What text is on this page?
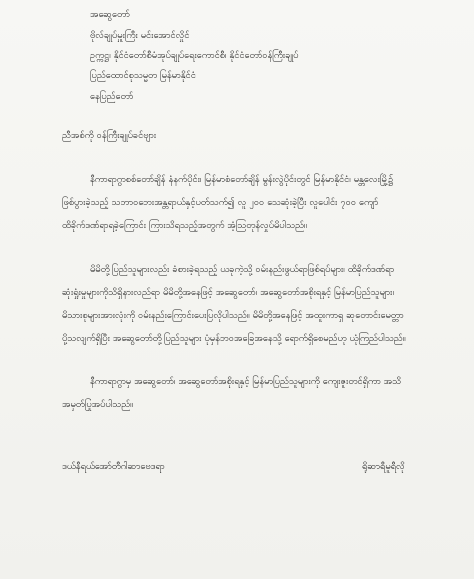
အဆွေတော်
ဗိုလ်ချုပ်မှူးကြီး မင်းအောင်လှိုင်
ဥက္ကဋ္ဌ၊ နိုင်ငံတော်စီမံအုပ်ချုပ်ရေးကောင်စီ၊ နိုင်ငံတော်ဝန်ကြီးချုပ်
ပြည်ထောင်စုသမ္မတ မြန်မာနိုင်ငံ
နေပြည်တော်
ညီအစ်ကို ဝန်ကြီးချုပ်ခင်ဗျား
နီကာရာဂွာစစ်တော်ချိန် နံနက်ပိုင်း၊ မြန်မာစံတော်ချိန် မွန်းလွဲပိုင်းတွင် မြန်မာနိုင်ငံ၊ မန္တလေးမြို့၌
ဖြစ်ပွားခဲ့သည့် သဘာဝဘေးအန္တရာယ်နှင့်ပတ်သက်၍ လူ ၂၀၀ သေဆုံးခဲ့ပြီး လူပေါင်း ၇၀၀ ကျော်
ထိခိုက်ဒဏ်ရာရခဲ့ကြောင်း ကြားသိရသည့်အတွက် အံ့သြတုန်လှုပ်မိပါသည်။
မိမိတို့ပြည်သူများလည်း ခံစားခဲ့ရသည့် ယခုကဲ့သို့ ဝမ်းနည်းဖွယ်ရာဖြစ်ရပ်များ၊ ထိခိုက်ဒဏ်ရာ
ဆုံးရှုံးမှုများကိုသိရှိနားလည်ရာ မိမိတို့အနေဖြင့် အဆွေတော်၊ အဆွေတော်အစိုးရနှင့် မြန်မာပြည်သူများ၊
မိသားစုများအားလုံးကို ဝမ်းနည်းကြောင်းပေးပြလိုပါသည်။ မိမိတို့အနေဖြင့် အထူးကာရှ ဆုတောင်းမေတ္တာ
ပို့သလျက်ရှိပြီး အဆွေတော်တို့ပြည်သူများ ပုံမှန်ဘဝအခြေအနေသို့ ရောက်ရှိစေမည်ဟု ယုံကြည်ပါသည်။
နီကာရာဂွာမှ အဆွေတော်၊ အဆွေတော်အစိုးရနှင့် မြန်မာပြည်သူများကို ကျေးဇူးတင်ရှိကာ အသိ
အမှတ်ပြုအပ်ပါသည်။
ဒယ်နီရယ်အော်တီဂါဆာဗေဒရာ	ရိုဆာရီမူရီလို
